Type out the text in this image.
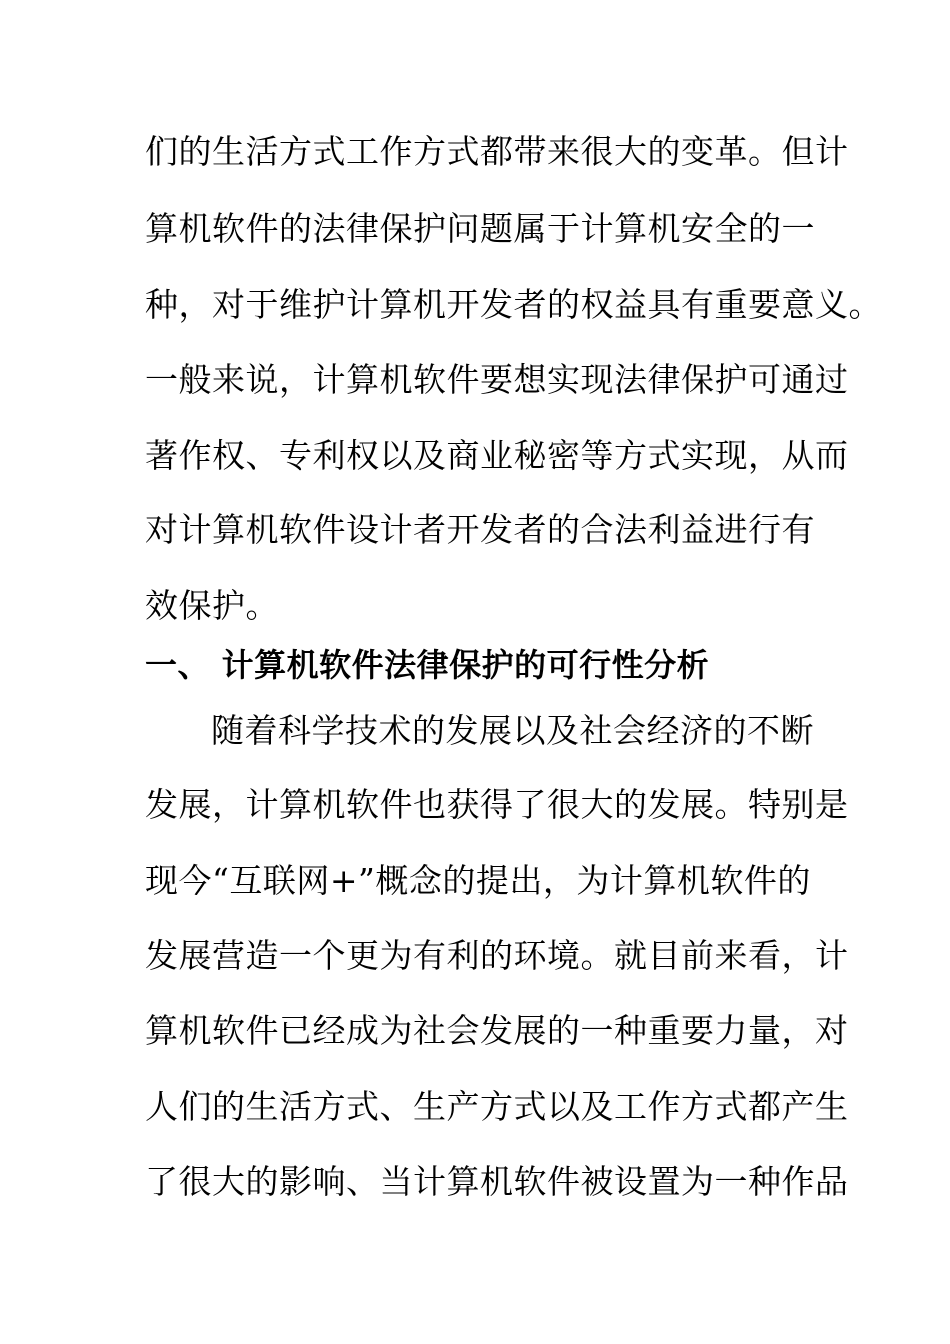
们的生活方式工作方式都带来很大的变革。但计
算机软件的法律保护问题属于计算机安全的一
种，对于维护计算机开发者的权益具有重要意义。
一般来说，计算机软件要想实现法律保护可通过
著作权、专利权以及商业秘密等方式实现，从而
对计算机软件设计者开发者的合法利益进行有
效保护。
一、 计算机软件法律保护的可行性分析
随着科学技术的发展以及社会经济的不断
发展，计算机软件也获得了很大的发展。特别是
现今“互联网+”概念的提出，为计算机软件的
发展营造一个更为有利的环境。就目前来看，计
算机软件已经成为社会发展的一种重要力量，对
人们的生活方式、生产方式以及工作方式都产生
了很大的影响、当计算机软件被设置为一种作品
